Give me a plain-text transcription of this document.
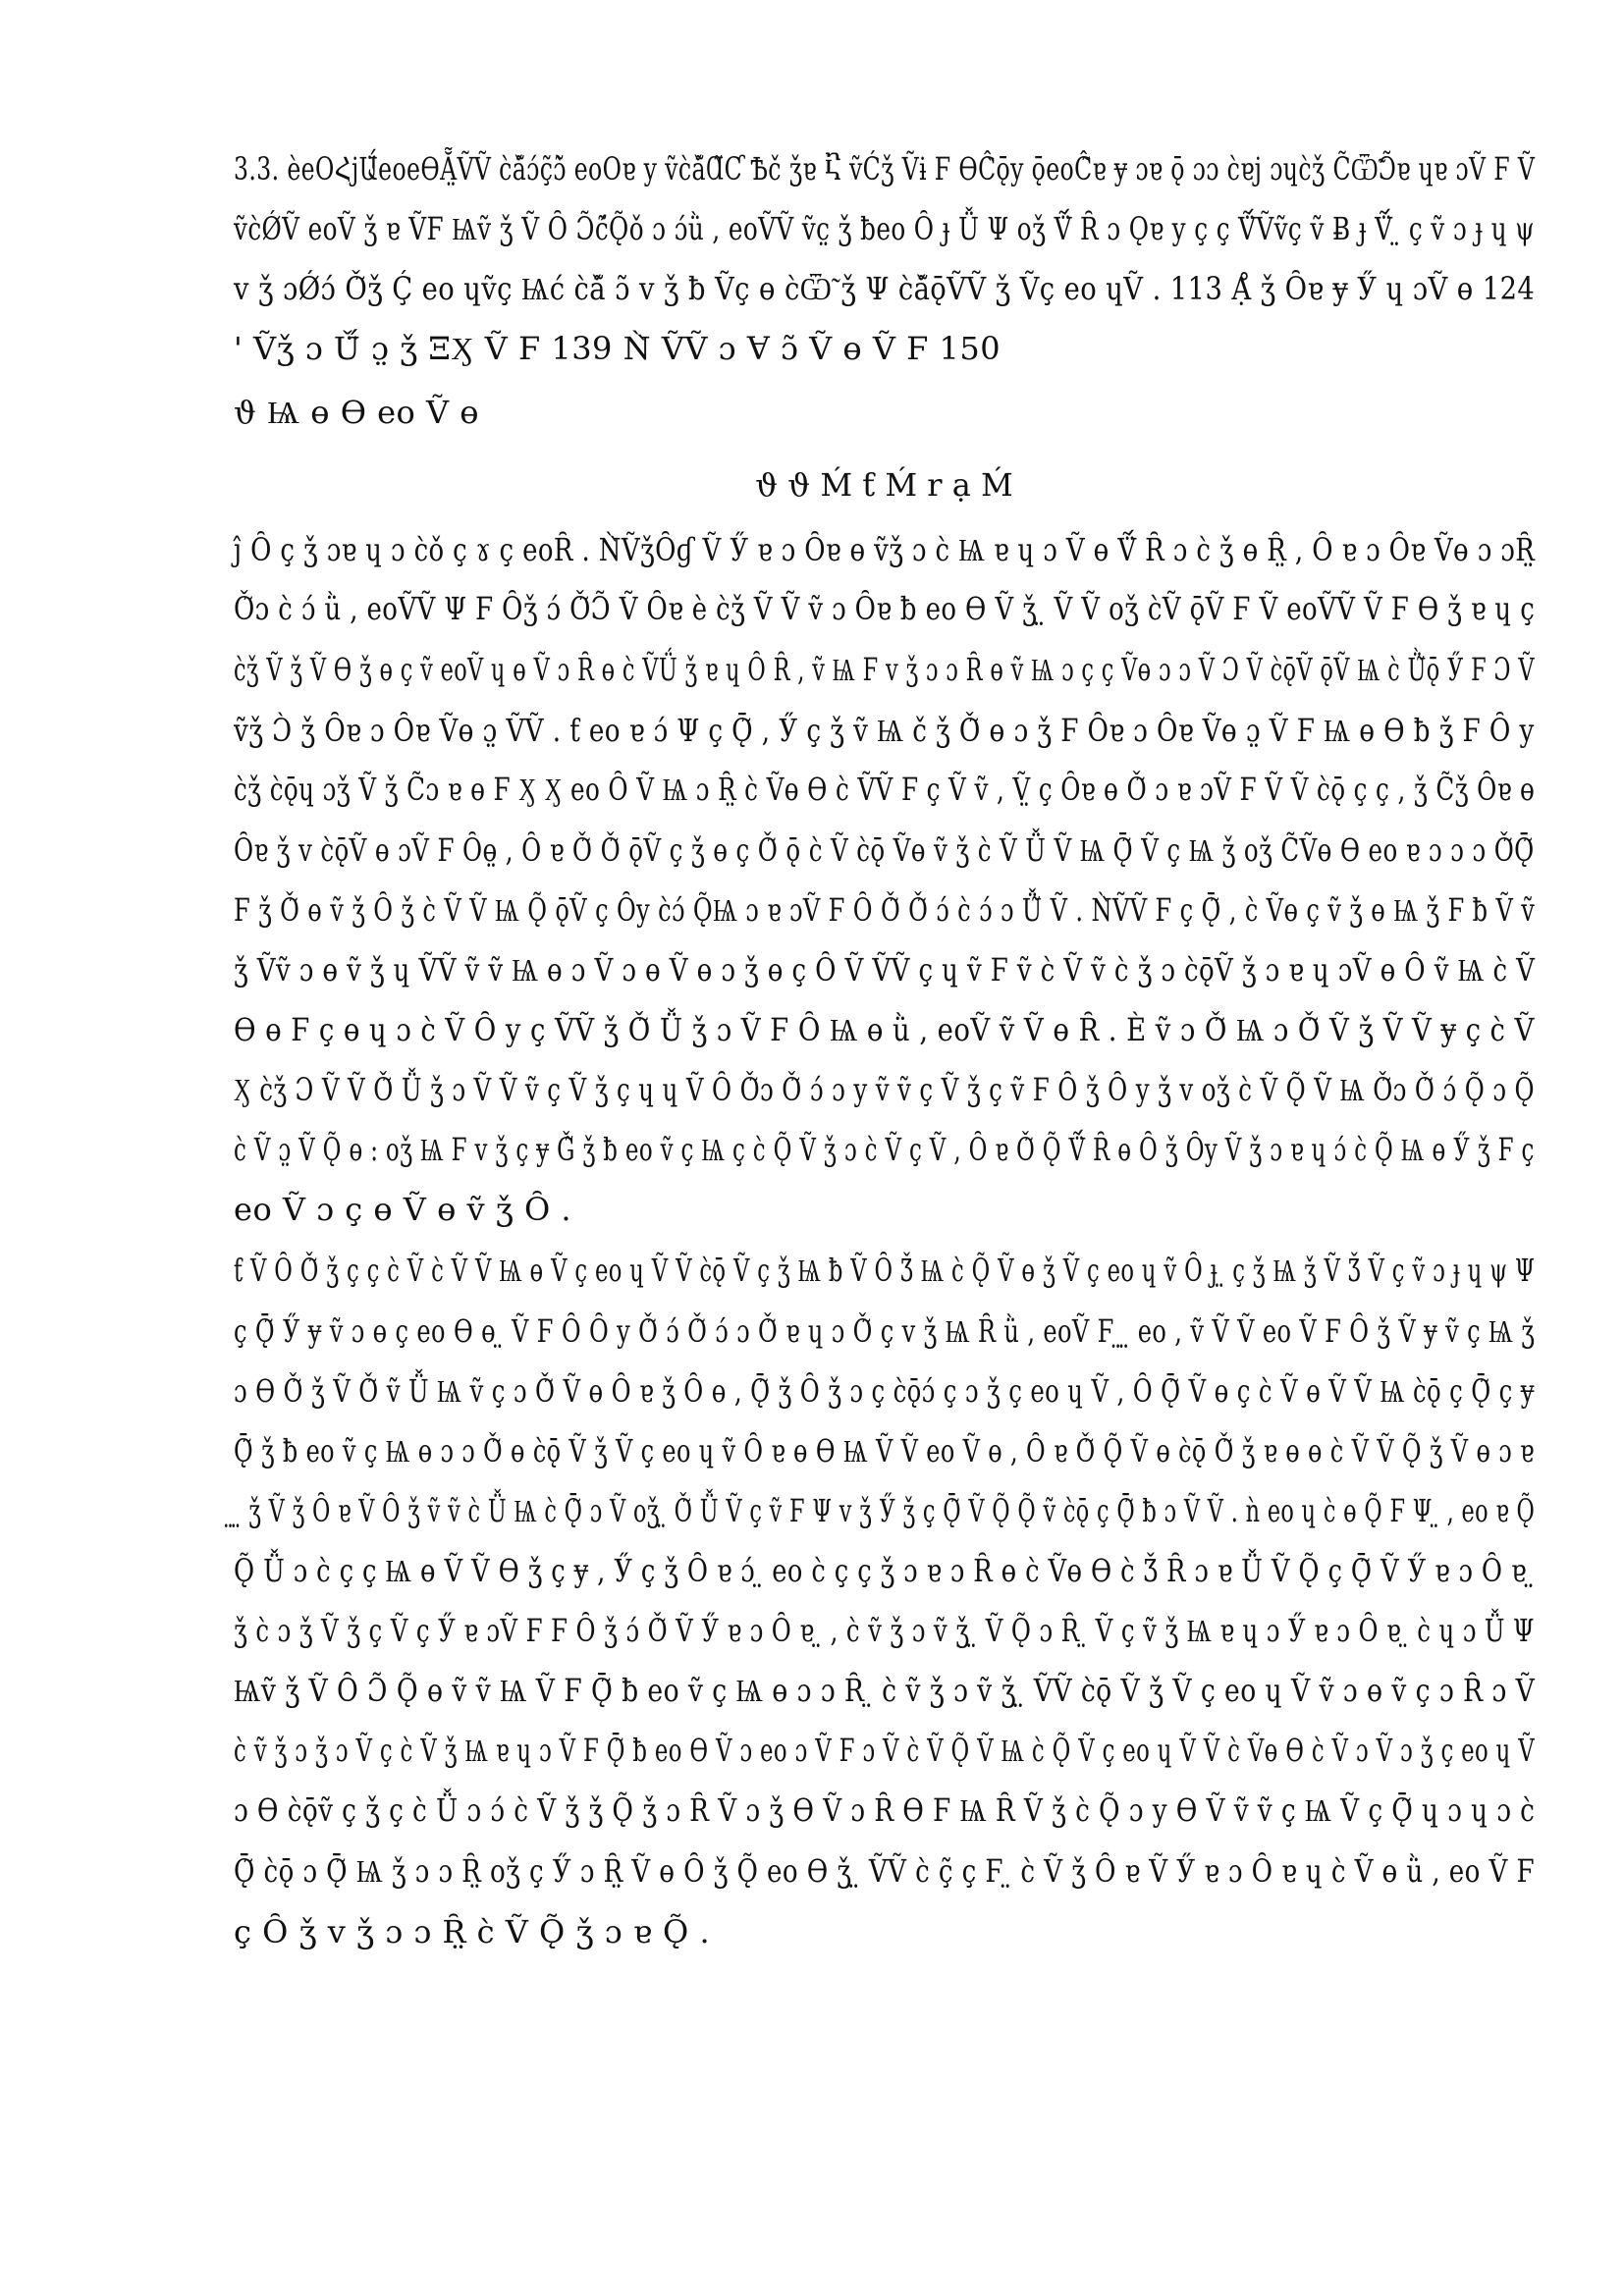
3.3. èeOՀjԱ̈́eoeϴẴ̤ṼṼ c̀ǎ̃ɔ́ç̃ɔ̃̀ eoOɐ y ṽc̀ǎ̃Ɑ̃Ƈ Ѣč ǯɐ Ⴀ ṽĆǯ Ṽɨ Ϝ ϴĈ̀ǭy ǭeoĈ̃ɐ ɏ ɔɐ ǭ ɔɔ c̀ɐj ɔɥc̀ǯ C̃Ѿ̃Ɔ̃ɐ ɥɐ ɔṼ Ϝ Ṽ
ṽc̀ǾṼ eoṼ ǯ ɐ ṼϜ Ѩṽ ǯ Ṽ Ȏ Ɔ̃ć̃Ǫ̃ǒ ɔ ɔ́ǜ , eoṼṼ ṽc̤ ǯ ƀeo Ȏ ɟ Ǚ Ψ oǯ Ṽ̈́ Ȓ ɔ Ǫɐ y ç ç Ṽ̈́Ṽṽç ṽ Ƀ ɟ Ṽ̈́ ̤ ç ṽ ɔ ɟ ɥ ψ
v ǯ ɔǾɔ́ Ǒ̃ǯ Ḉ eo ɥṽç Ѩć c̀ǎ̃ ɔ̃ v ǯ ƀ Ṽç ɵ c̀Ѿ̃ ǯ Ψ c̀ǎ̃ǭṼṼ ǯ Ṽç eo ɥṼ . 113 Ạ̊ ǯ Ȏɐ ɏ Ӳ ɥ ɔṼ ɵ 124
' Ṽǯ ɔ Ǔ̈́ ɔ̤ ǯ ΞӼ Ṽ Ϝ 139 Ǹ̀ ṼṼ ɔ Ɐ ɔ̃ Ṽ ɵ Ṽ Ϝ 150
ϑ Ѩ ɵ ϴ eo Ṽ ɵ
ϑ ϑ Ḿ ƭ Ḿ r ạ Ḿ
ĵ Ȏ ç ǯ ɔɐ ɥ ɔ c̀ǒ ç ɤ ç eoȒ . Ǹ̀ṼǯȎɠ Ṽ Ӳ ɐ ɔ Ȏɐ ɵ ṽǯ ɔ c̀ Ѩ ɐ ɥ ɔ Ṽ ɵ Ṽ̈́ Ȓ ɔ c̀ ǯ ɵ Ȓ̤ , Ȏ ɐ ɔ Ȏɐ Ṽɵ ɔ ɔȒ̤
Ǒ̃ɔ c̀ ɔ́ ǜ , eoṼṼ Ψ Ϝ Ȏǯ ɔ́ Ǒ̃Ɔ̃ Ṽ Ȏɐ è c̀ǯ Ṽ Ṽ ṽ ɔ Ȏɐ ƀ eo ϴ Ṽ ǯ ̤ Ṽ Ṽ oǯ c̀Ṽ ǭṼ Ϝ Ṽ eoṼṼ Ṽ Ϝ ϴ ǯ ɐ ɥ ç
c̀ǯ Ṽ ǯ Ṽ ϴ ǯ ɵ ç ṽ eoṼ ɥ ɵ Ṽ ɔ Ȓ ɵ c̀ ṼǗ ǯ ɐ ɥ Ȏ Ȓ , ṽ Ѩ Ϝ v ǯ ɔ ɔ Ȓ ɵ ṽ Ѩ ɔ ç ç Ṽɵ ɔ ɔ Ṽ Ɔ Ṽ c̀ǭṼ ǭṼ Ѩ c̀ Ǜ̃ǭ Ӳ Ϝ Ɔ Ṽ
ṽǯ Ɔ̀ ǯ Ȏɐ ɔ Ȏɐ Ṽɵ ɔ̤ ṼṼ . ƭ eo ɐ ɔ́ Ψ ç Ǭ̃ , Ӳ ç ǯ ṽ Ѩ č ǯ Ǒ̃ ɵ ɔ ǯ Ϝ Ȏɐ ɔ Ȏɐ Ṽɵ ɔ̤ Ṽ Ϝ Ѩ ɵ ϴ ƀ ǯ Ϝ Ȏ y
c̀ǯ c̀ǭɥ ɔǯ Ṽ ǯ C̃ɔ ɐ ɵ Ϝ Ӽ Ӽ eo Ȏ Ṽ Ѩ ɔ Ȓ̤ c̀ Ṽɵ ϴ c̀ ṼṼ Ϝ ç Ṽ ṽ , Ṽ̤ ç Ȏɐ ɵ Ǒ̃ ɔ ɐ ɔṼ Ϝ Ṽ Ṽ c̀ǭ ç ç , ǯ C̃ǯ Ȏɐ ɵ
Ȏɐ ǯ v c̀ǭṼ ɵ ɔṼ Ϝ Ȏɵ̤ , Ȏ ɐ Ǒ̃ Ǒ̃ ǭṼ ç ǯ ɵ ç Ǒ̃ ǭ c̀ Ṽ c̀ǭ Ṽɵ ṽ ǯ c̀ Ṽ Ǚ Ṽ Ѩ Ǭ̃ Ṽ ç Ѩ ǯ oǯ C̃Ṽɵ ϴ eo ɐ ɔ ɔ ɔ Ǒ̃Ǭ̃
Ϝ ǯ Ǒ̃ ɵ ṽ ǯ Ȏ ǯ c̀ Ṽ Ṽ Ѩ Ǫ̃ ǭṼ ç Ȏy c̀ɔ́ Ǫ̃Ѩ ɔ ɐ ɔṼ Ϝ Ȏ Ǒ̃ Ǒ̃ ɔ́ c̀ ɔ́ ɔ Ǚ̃ Ṽ . Ǹ̀ṼṼ Ϝ ç Ǭ̃ , c̀ Ṽɵ ç ṽ ǯ ɵ Ѩ ǯ Ϝ ƀ Ṽ ṽ
ǯ Ṽṽ ɔ ɵ ṽ ǯ ɥ ṼṼ ṽ ṽ Ѩ ɵ ɔ Ṽ ɔ ɵ Ṽ ɵ ɔ ǯ ɵ ç Ȏ Ṽ ṼṼ ç ɥ ṽ Ϝ ṽ c̀ Ṽ ṽ c̀ ǯ ɔ c̀ǭṼ ǯ ɔ ɐ ɥ ɔṼ ɵ Ȏ ṽ Ѩ c̀ Ṽ
ϴ ɵ Ϝ ç ɵ ɥ ɔ c̀ Ṽ Ȏ y ç ṼṼ ǯ Ǒ̃ Ǚ ǯ ɔ Ṽ Ϝ Ȏ Ѩ ɵ ǜ , eoṼ ṽ Ṽ ɵ Ȓ . È ṽ ɔ Ǒ̃ Ѩ ɔ Ǒ̃ Ṽ ǯ Ṽ Ṽ ɏ ç c̀ Ṽ
Ӽ c̀ǯ Ɔ Ṽ Ṽ Ǒ̃ Ǚ ǯ ɔ Ṽ Ṽ ṽ ç Ṽ ǯ ç ɥ ɥ Ṽ Ȏ Ǒ̃ɔ Ǒ̃ ɔ́ ɔ y ṽ ṽ ç Ṽ ǯ ç ṽ Ϝ Ȏ ǯ Ȏ y ǯ v oǯ c̀ Ṽ Ǫ̃ Ṽ Ѩ Ǒ̃ɔ Ǒ̃ ɔ́ Ǫ̃ ɔ Ǫ̃
c̀ Ṽ ɔ̤ Ṽ Ǫ̃ ɵ : oǯ Ѩ Ϝ v ǯ ç ɏ Ǧ̃ ǯ ƀ eo ṽ ç Ѩ ç c̀ Ǫ̃ Ṽ ǯ ɔ c̀ Ṽ ç Ṽ , Ȏ ɐ Ǒ̃ Ǫ̃ Ṽ̈́ Ȓ ɵ Ȏ ǯ Ȏy Ṽ ǯ ɔ ɐ ɥ ɔ́ c̀ Ǫ̃ Ѩ ɵ Ӳ ǯ Ϝ ç
eo Ṽ ɔ ç ɵ Ṽ ɵ ṽ ǯ Ȏ .
ƭ Ṽ Ȏ Ǒ̃ ǯ ç ç c̀ Ṽ c̀ Ṽ Ṽ Ѩ ɵ Ṽ ç eo ɥ Ṽ Ṽ c̀ǭ Ṽ ç ǯ Ѩ ƀ Ṽ Ȏ Ǯ Ѩ c̀ Ǫ̃ Ṽ ɵ ǯ Ṽ ç eo ɥ ṽ Ȏ ɟ ̤ ç ǯ Ѩ ǯ Ṽ Ǯ Ṽ ç ṽ ɔ ɟ ɥ ψ Ψ
ç Ǭ̃ Ӳ ɏ ṽ ɔ ɵ ç eo ϴ ɵ ̤ Ṽ Ϝ Ȏ Ȏ y Ǒ̃ ɔ́ Ǒ̃ ɔ́ ɔ Ǒ̃ ɐ ɥ ɔ Ǒ̃ ç v ǯ Ѩ Ȓ ǜ , eoṼ Ϝ ̤ ̤ eo , ṽ Ṽ Ṽ eo Ṽ Ϝ Ȏ ǯ Ṽ ɏ ṽ ç Ѩ ǯ
ɔ ϴ Ǒ̃ ǯ Ṽ Ǒ̃ ṽ Ǚ Ѩ ṽ ç ɔ Ǒ̃ Ṽ ɵ Ȏ ɐ ǯ Ȏ ɵ , Ǭ̃ ǯ Ȏ ǯ ɔ ç c̀ǭɔ́ ç ɔ ǯ ç eo ɥ Ṽ , Ȏ Ǭ̃ Ṽ ɵ ç c̀ Ṽ ɵ Ṽ Ṽ Ѩ c̀ǭ ç Ǭ̃ ç ɏ
Ǭ̃ ǯ ƀ eo ṽ ç Ѩ ɵ ɔ ɔ Ǒ̃ ɵ c̀ǭ Ṽ ǯ Ṽ ç eo ɥ ṽ Ȏ ɐ ɵ ϴ Ѩ Ṽ Ṽ eo Ṽ ɵ , Ȏ ɐ Ǒ̃ Ǫ̃ Ṽ ɵ c̀ǭ Ǒ̃ ǯ ɐ ɵ ɵ c̀ Ṽ Ṽ Ǫ̃ ǯ Ṽ ɵ ɔ ɐ
̤ ̤ ǯ Ṽ ǯ Ȏ ɐ Ṽ Ȏ ǯ ṽ ṽ c̀ Ǚ Ѩ c̀ Ǭ̃ ɔ Ṽ oǯ ̤ Ǒ̃ Ǚ Ṽ ç ṽ Ϝ Ψ v ǯ Ӳ ǯ ç Ǭ̃ Ṽ Ǫ̃ Ǫ̃ ṽ c̀ǭ ç Ǭ̃ ƀ ɔ Ṽ Ṽ . ǹ eo ɥ c̀ ɵ Ǫ̃ Ϝ Ψ ̤ , eo ɐ Ǫ̃
Ǫ̃ Ǚ ɔ c̀ ç ç Ѩ ɵ Ṽ Ṽ ϴ ǯ ç ɏ , Ӳ ç ǯ Ȏ ɐ ɔ́ ̤ eo c̀ ç ç ǯ ɔ ɐ ɔ Ȓ ɵ c̀ Ṽɵ ϴ c̀ Ǯ Ȓ ɔ ɐ Ǚ Ṽ Ǫ̃ ç Ǭ̃ Ṽ Ӳ ɐ ɔ Ȏ ɐ ̤
ǯ c̀ ɔ ǯ Ṽ ǯ ç Ṽ ç Ӳ ɐ ɔṼ Ϝ Ϝ Ȏ ǯ ɔ́ Ǒ̃ Ṽ Ӳ ɐ ɔ Ȏ ɐ ̤ , c̀ ṽ ǯ ɔ ṽ ǯ ̤ Ṽ Ǫ̃ ɔ Ȓ ̤ Ṽ ç ṽ ǯ Ѩ ɐ ɥ ɔ Ӳ ɐ ɔ Ȏ ɐ ̤ c̀ ɥ ɔ Ǚ Ψ
Ѩṽ ǯ Ṽ Ȏ Ɔ̃ Ǫ̃ ɵ ṽ ṽ Ѩ Ṽ Ϝ Ǭ̃ ƀ eo ṽ ç Ѩ ɵ ɔ ɔ Ȓ ̤ c̀ ṽ ǯ ɔ ṽ ǯ ̤ ṼṼ c̀ǭ Ṽ ǯ Ṽ ç eo ɥ Ṽ ṽ ɔ ɵ ṽ ç ɔ Ȓ ɔ Ṽ
c̀ ṽ ǯ ɔ ǯ ɔ Ṽ ç c̀ Ṽ ǯ Ѩ ɐ ɥ ɔ Ṽ Ϝ Ǭ̃ ƀ eo ϴ Ṽ ɔ eo ɔ Ṽ Ϝ ɔ Ṽ c̀ Ṽ Ǫ̃ Ṽ Ѩ c̀ Ǫ̃ Ṽ ç eo ɥ Ṽ Ṽ c̀ Ṽɵ ϴ c̀ Ṽ ɔ Ṽ ɔ ǯ ç eo ɥ Ṽ
ɔ ϴ c̀ǭṽ ç ǯ ç c̀ Ǚ ɔ ɔ́ c̀ Ṽ ǯ ǯ Ǫ̃ ǯ ɔ Ȓ Ṽ ɔ ǯ ϴ Ṽ ɔ Ȓ ϴ Ϝ Ѩ Ȓ Ṽ ǯ c̀ Ǫ̃ ɔ y ϴ Ṽ ṽ ṽ ç Ѩ Ṽ ç Ǭ̃ ɥ ɔ ɥ ɔ c̀
Ǭ̃ c̀ǭ ɔ Ǭ̃ Ѩ ǯ ɔ ɔ Ȓ̤ oǯ ç Ӳ ɔ Ȓ̤ Ṽ ɵ Ȏ ǯ Ǫ̃ eo ϴ ǯ ̤ ṼṼ c̀ ç̃ ç Ϝ ̤ c̀ Ṽ ǯ Ȏ ɐ Ṽ Ӳ ɐ ɔ Ȏ ɐ ɥ c̀ Ṽ ɵ ǜ , eo Ṽ Ϝ
ç Ȏ ǯ v ǯ ɔ ɔ Ȓ̤ c̀ Ṽ Ǫ̃ ǯ ɔ ɐ Ǫ̃ .
